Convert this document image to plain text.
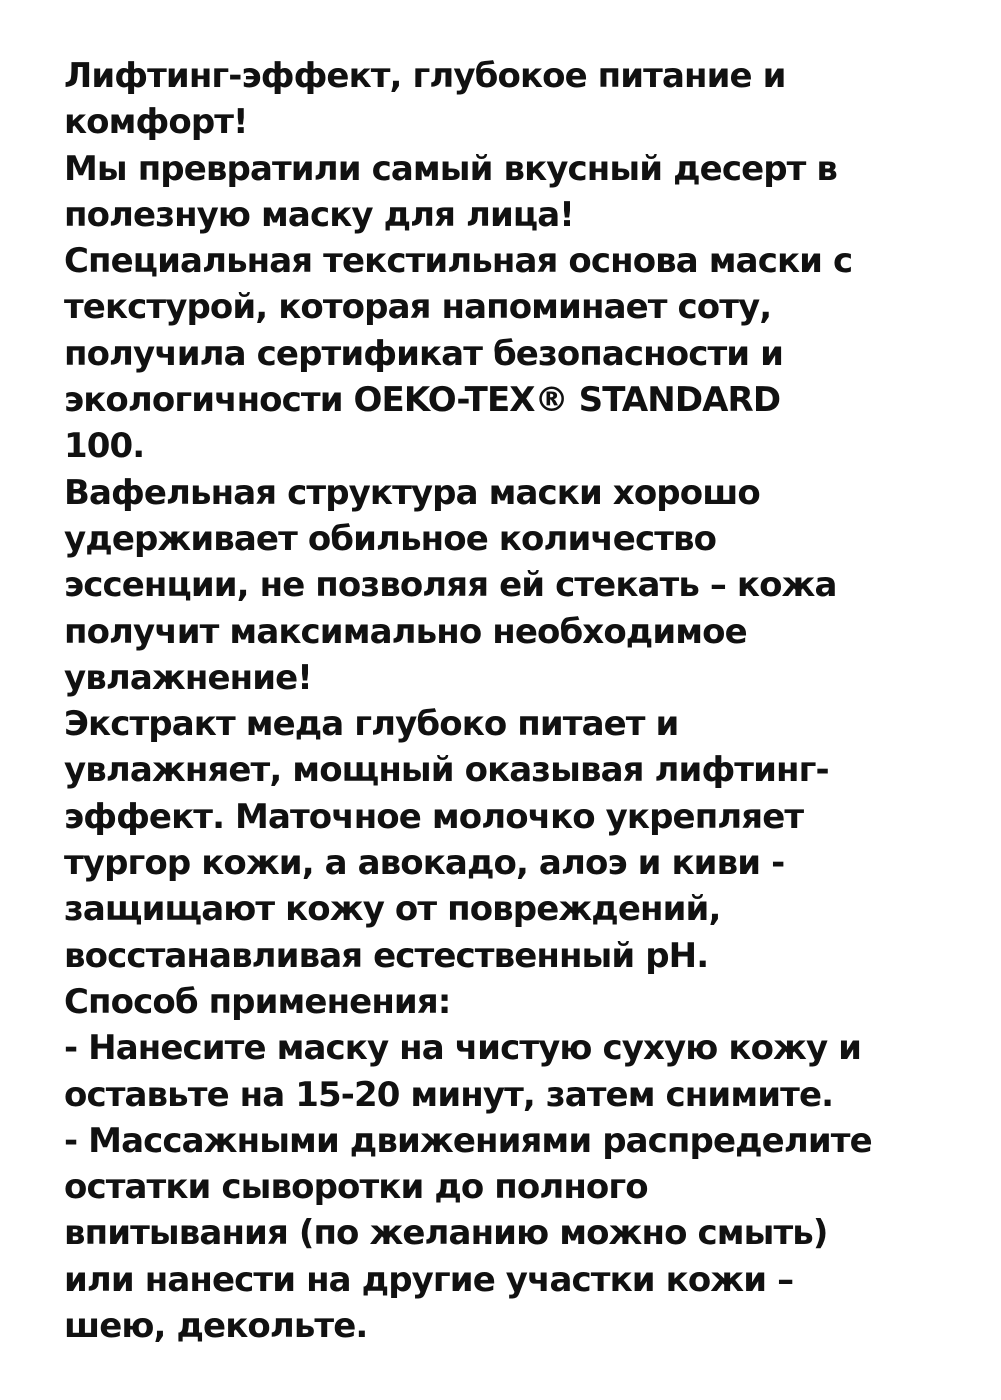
Лифтинг-эффект, глубокое питание и
комфорт!
Мы превратили самый вкусный десерт в
полезную маску для лица!
Специальная текстильная основа маски с
текстурой, которая напоминает соту,
получила сертификат безопасности и
экологичности OEKO-TEX® STANDARD
100.
Вафельная структура маски хорошо
удерживает обильное количество
эссенции, не позволяя ей стекать – кожа
получит максимально необходимое
увлажнение!
Экстракт меда глубоко питает и
увлажняет, мощный оказывая лифтинг-
эффект. Маточное молочко укрепляет
тургор кожи, а авокадо, алоэ и киви -
защищают кожу от повреждений,
восстанавливая естественный pH.
Способ применения:
- Нанесите маску на чистую сухую кожу и
оставьте на 15-20 минут, затем снимите.
- Массажными движениями распределите
остатки сыворотки до полного
впитывания (по желанию можно смыть)
или нанести на другие участки кожи –
шею, декольте.
